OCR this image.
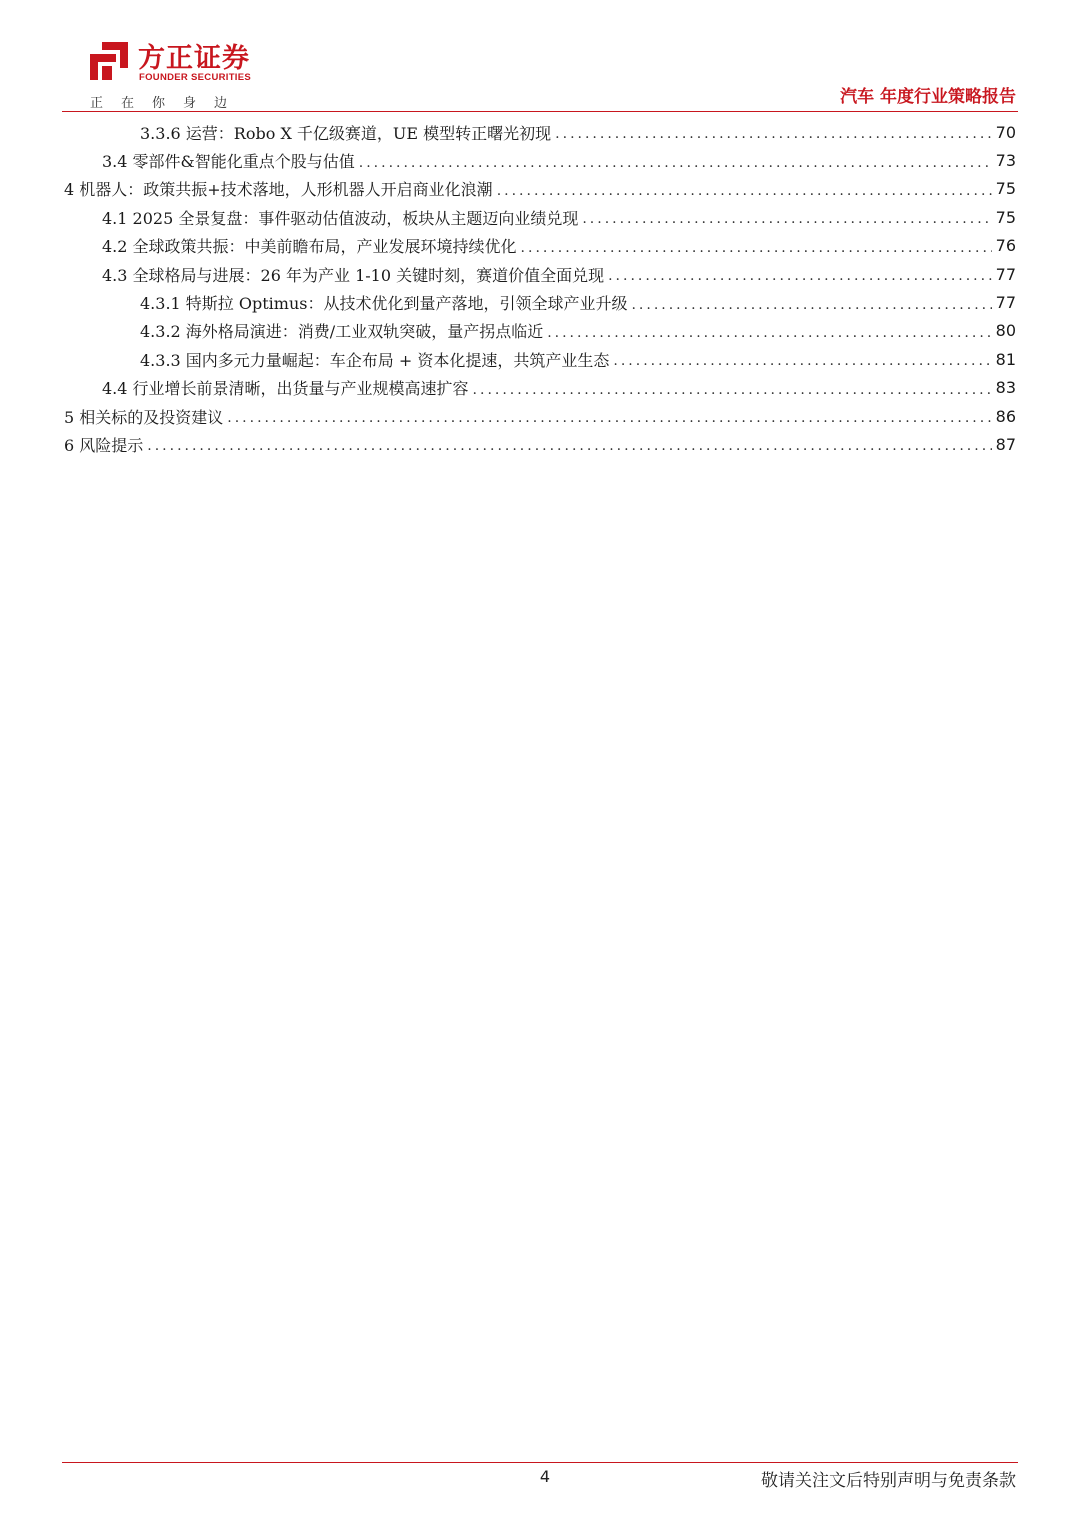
方正证券
FOUNDER SECURITIES
正在你身边	汽车 年度行业策略报告
3.3.6 运营：Robo X 千亿级赛道，UE 模型转正曙光初现 .....	70
3.4 零部件&智能化重点个股与估值 .....	73
4 机器人：政策共振+技术落地，人形机器人开启商业化浪潮 .....	75
4.1 2025 全景复盘：事件驱动估值波动，板块从主题迈向业绩兑现 .....	75
4.2 全球政策共振：中美前瞻布局，产业发展环境持续优化 .....	76
4.3 全球格局与进展：26 年为产业 1-10 关键时刻，赛道价值全面兑现 .....	77
4.3.1 特斯拉 Optimus：从技术优化到量产落地，引领全球产业升级 .....	77
4.3.2 海外格局演进：消费/工业双轨突破，量产拐点临近 .....	80
4.3.3 国内多元力量崛起：车企布局 + 资本化提速，共筑产业生态 .....	81
4.4 行业增长前景清晰，出货量与产业规模高速扩容 .....	83
5 相关标的及投资建议 .....	86
6 风险提示 .....	87
4	敬请关注文后特别声明与免责条款
